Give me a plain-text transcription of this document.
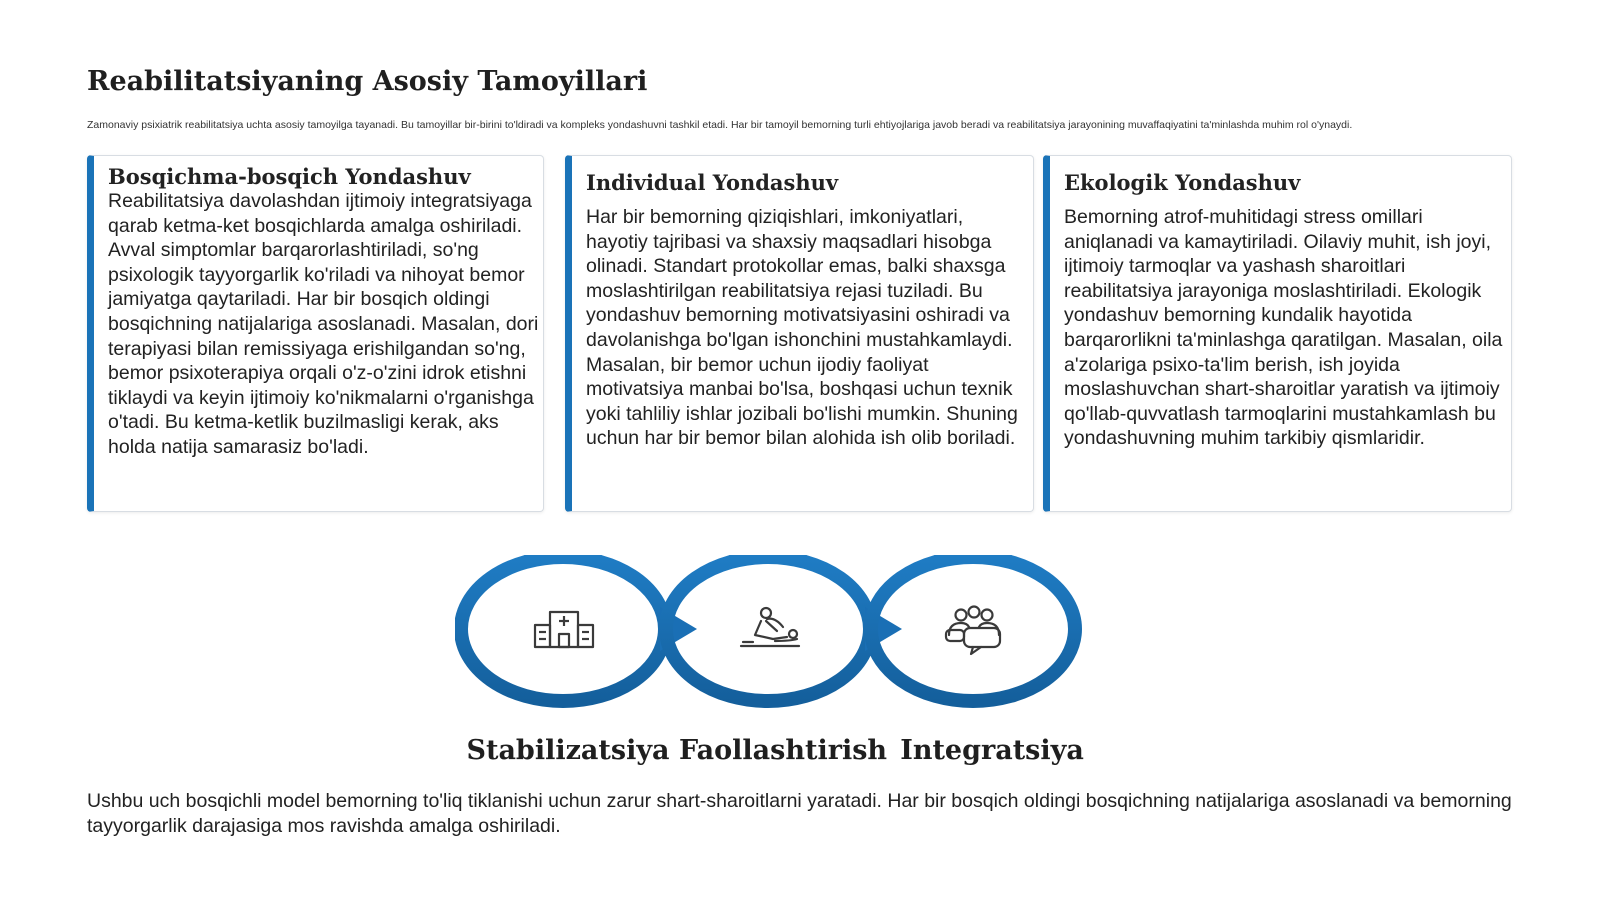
Reabilitatsiyaning Asosiy Tamoyillari

Zamonaviy psixiatrik reabilitatsiya uchta asosiy tamoyilga tayanadi. Bu tamoyillar bir-birini to'ldiradi va kompleks yondashuvni tashkil etadi. Har bir tamoyil bemorning turli ehtiyojlariga javob beradi va reabilitatsiya jarayonining muvaffaqiyatini ta'minlashda muhim rol o'ynaydi.

Bosqichma-bosqich Yondashuv

Reabilitatsiya davolashdan ijtimoiy integratsiyaga qarab ketma-ket bosqichlarda amalga oshiriladi. Avval simptomlar barqarorlashtiriladi, so'ng psixologik tayyorgarlik ko'riladi va nihoyat bemor jamiyatga qaytariladi. Har bir bosqich oldingi bosqichning natijalariga asoslanadi. Masalan, dori terapiyasi bilan remissiyaga erishilgandan so'ng, bemor psixoterapiya orqali o'z-o'zini idrok etishni tiklaydi va keyin ijtimoiy ko'nikmalarni o'rganishga o'tadi. Bu ketma-ketlik buzilmasligi kerak, aks holda natija samarasiz bo'ladi.

Individual Yondashuv

Har bir bemorning qiziqishlari, imkoniyatlari, hayotiy tajribasi va shaxsiy maqsadlari hisobga olinadi. Standart protokollar emas, balki shaxsga moslashtirilgan reabilitatsiya rejasi tuziladi. Bu yondashuv bemorning motivatsiyasini oshiradi va davolanishga bo'lgan ishonchini mustahkamlaydi. Masalan, bir bemor uchun ijodiy faoliyat motivatsiya manbai bo'lsa, boshqasi uchun texnik yoki tahliliy ishlar jozibali bo'lishi mumkin. Shuning uchun har bir bemor bilan alohida ish olib boriladi.

Ekologik Yondashuv

Bemorning atrof-muhitidagi stress omillari aniqlanadi va kamaytiriladi. Oilaviy muhit, ish joyi, ijtimoiy tarmoqlar va yashash sharoitlari reabilitatsiya jarayoniga moslashtiriladi. Ekologik yondashuv bemorning kundalik hayotida barqarorlikni ta'minlashga qaratilgan. Masalan, oila a'zolariga psixo-ta'lim berish, ish joyida moslashuvchan shart-sharoitlar yaratish va ijtimoiy qo'llab-quvvatlash tarmoqlarini mustahkamlash bu yondashuvning muhim tarkibiy qismlaridir.

Stabilizatsiya Faollashtirish Integratsiya

Ushbu uch bosqichli model bemorning to'liq tiklanishi uchun zarur shart-sharoitlarni yaratadi. Har bir bosqich oldingi bosqichning natijalariga asoslanadi va bemorning tayyorgarlik darajasiga mos ravishda amalga oshiriladi.
